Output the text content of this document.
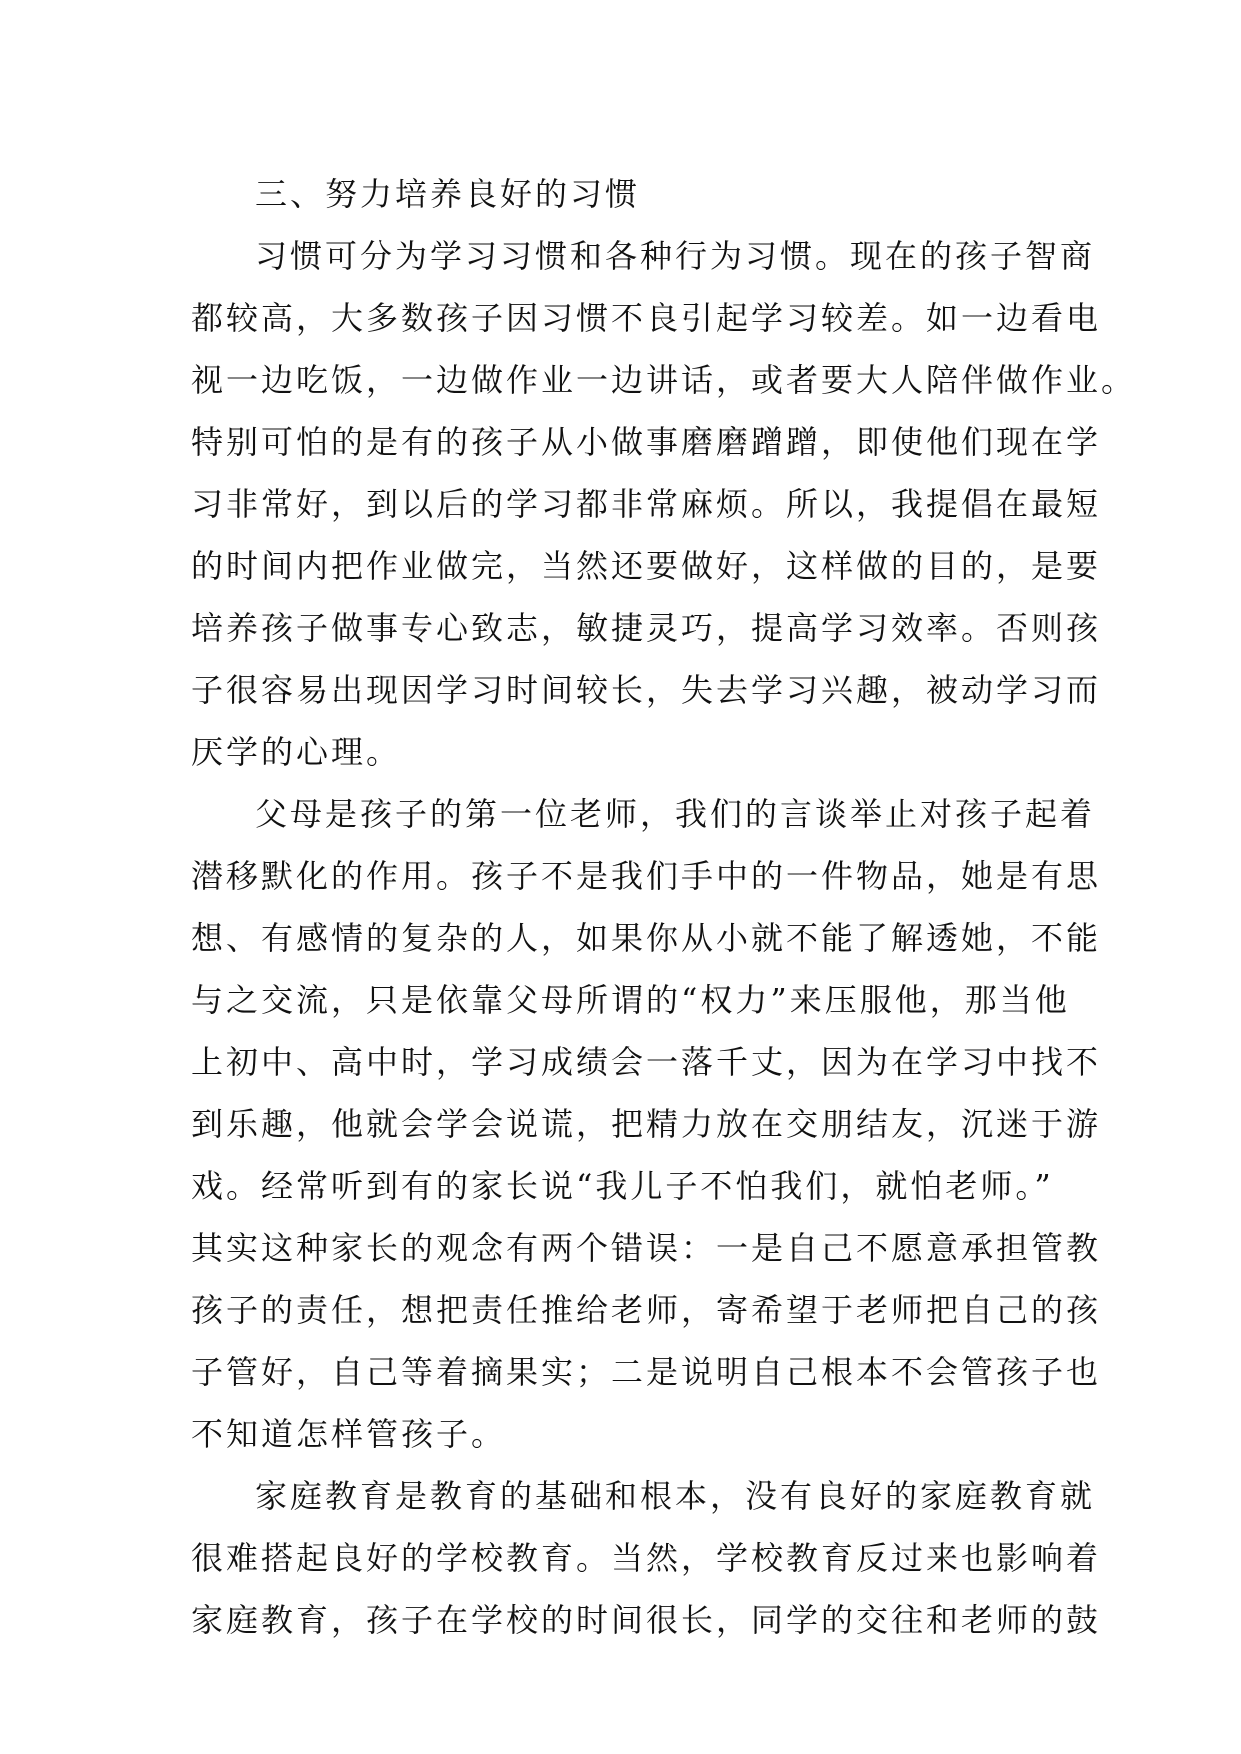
三、努力培养良好的习惯
习惯可分为学习习惯和各种行为习惯。现在的孩子智商
都较高，大多数孩子因习惯不良引起学习较差。如一边看电
视一边吃饭，一边做作业一边讲话，或者要大人陪伴做作业。
特别可怕的是有的孩子从小做事磨磨蹭蹭，即使他们现在学
习非常好，到以后的学习都非常麻烦。所以，我提倡在最短
的时间内把作业做完，当然还要做好，这样做的目的，是要
培养孩子做事专心致志，敏捷灵巧，提高学习效率。否则孩
子很容易出现因学习时间较长，失去学习兴趣，被动学习而
厌学的心理。
父母是孩子的第一位老师，我们的言谈举止对孩子起着
潜移默化的作用。孩子不是我们手中的一件物品，她是有思
想、有感情的复杂的人，如果你从小就不能了解透她，不能
与之交流，只是依靠父母所谓的“权力”来压服他，那当他
上初中、高中时，学习成绩会一落千丈，因为在学习中找不
到乐趣，他就会学会说谎，把精力放在交朋结友，沉迷于游
戏。经常听到有的家长说“我儿子不怕我们，就怕老师。”
其实这种家长的观念有两个错误：一是自己不愿意承担管教
孩子的责任，想把责任推给老师，寄希望于老师把自己的孩
子管好，自己等着摘果实；二是说明自己根本不会管孩子也
不知道怎样管孩子。
家庭教育是教育的基础和根本，没有良好的家庭教育就
很难搭起良好的学校教育。当然，学校教育反过来也影响着
家庭教育，孩子在学校的时间很长，同学的交往和老师的鼓
